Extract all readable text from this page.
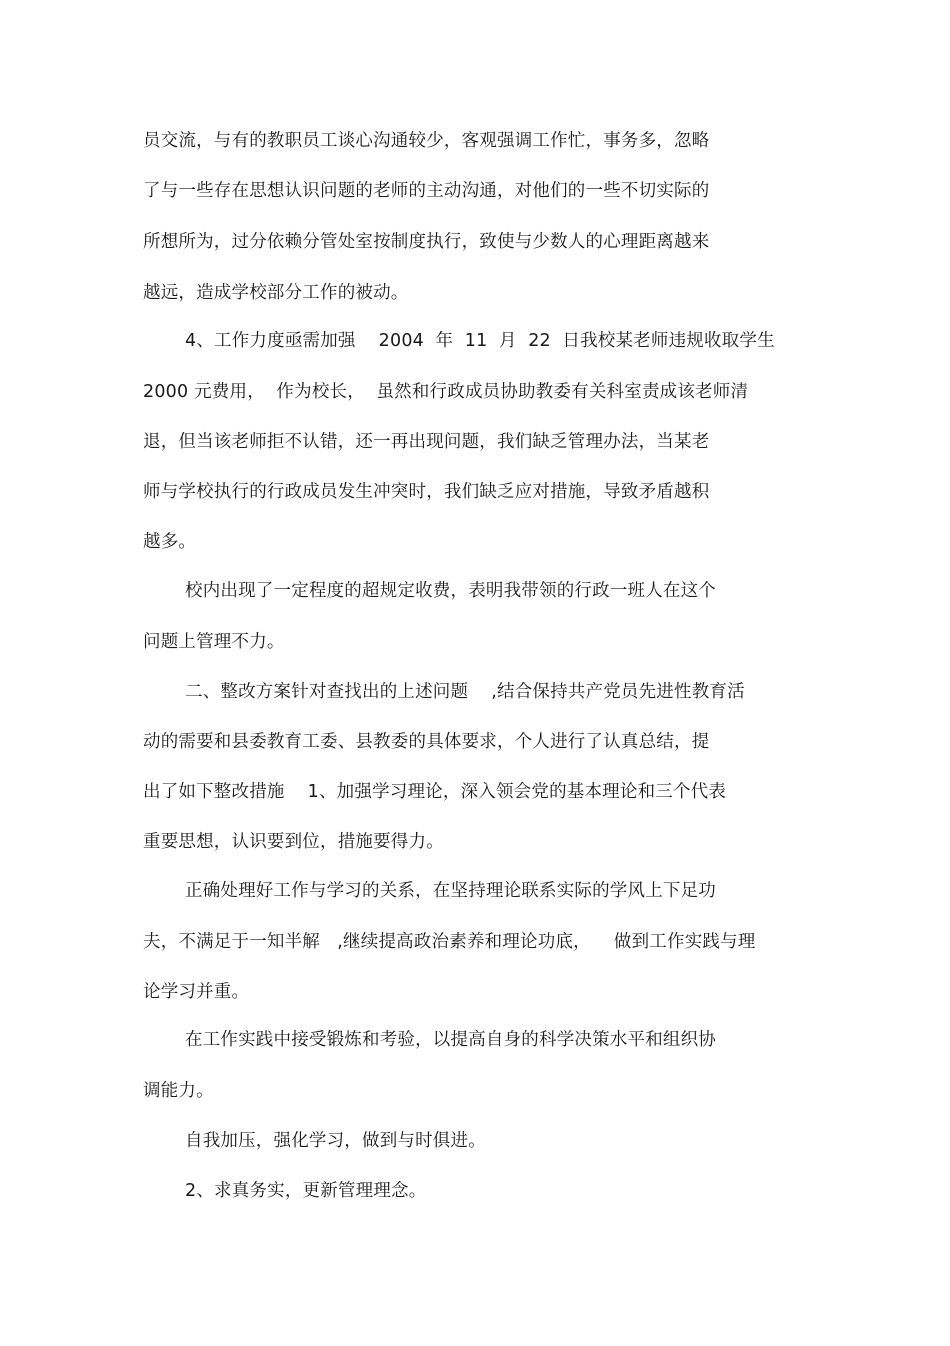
员交流，与有的教职员工谈心沟通较少，客观强调工作忙，事务多，忽略
了与一些存在思想认识问题的老师的主动沟通，对他们的一些不切实际的
所想所为，过分依赖分管处室按制度执行，致使与少数人的心理距离越来
越远，造成学校部分工作的被动。
4、工作力度亟需加强    2004  年  11  月  22  日我校某老师违规收取学生
2000 元费用，  作为校长，  虽然和行政成员协助教委有关科室责成该老师清
退，但当该老师拒不认错，还一再出现问题，我们缺乏管理办法，当某老
师与学校执行的行政成员发生冲突时，我们缺乏应对措施，导致矛盾越积
越多。
校内出现了一定程度的超规定收费，表明我带领的行政一班人在这个
问题上管理不力。
二、整改方案针对查找出的上述问题    ,结合保持共产党员先进性教育活
动的需要和县委教育工委、县教委的具体要求，个人进行了认真总结，提
出了如下整改措施    1、加强学习理论，深入领会党的基本理论和三个代表
重要思想，认识要到位，措施要得力。
正确处理好工作与学习的关系，在坚持理论联系实际的学风上下足功
夫，不满足于一知半解   ,继续提高政治素养和理论功底，    做到工作实践与理
论学习并重。
在工作实践中接受锻炼和考验，以提高自身的科学决策水平和组织协
调能力。
自我加压，强化学习，做到与时俱进。
2、求真务实，更新管理理念。
